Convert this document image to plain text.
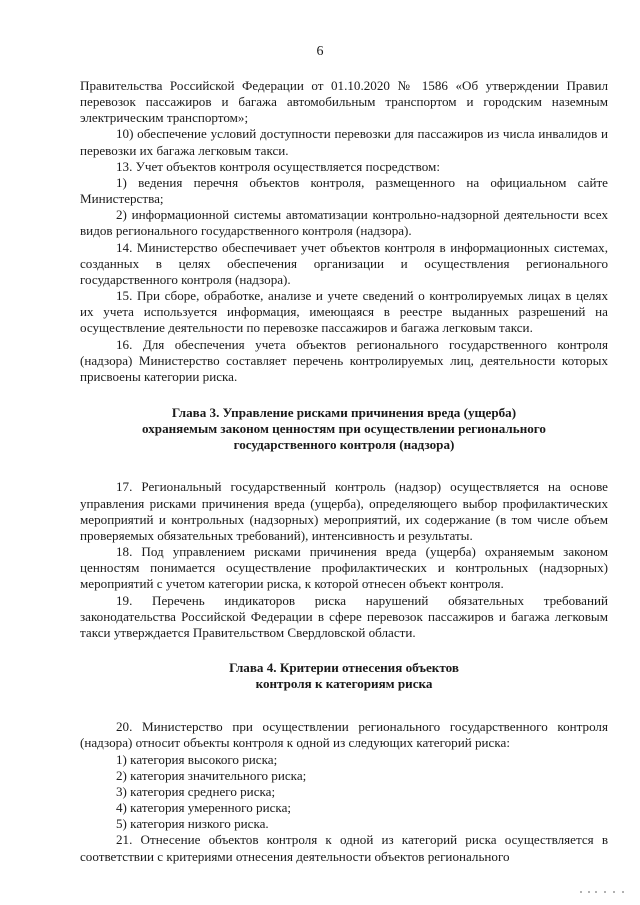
6

Правительства Российской Федерации от 01.10.2020 № 1586 «Об утверждении Правил перевозок пассажиров и багажа автомобильным транспортом и городским наземным электрическим транспортом»;

10) обеспечение условий доступности перевозки для пассажиров из числа инвалидов и перевозки их багажа легковым такси.

13. Учет объектов контроля осуществляется посредством:

1) ведения перечня объектов контроля, размещенного на официальном сайте Министерства;

2) информационной системы автоматизации контрольно-надзорной деятельности всех видов регионального государственного контроля (надзора).

14. Министерство обеспечивает учет объектов контроля в информационных системах, созданных в целях обеспечения организации и осуществления регионального государственного контроля (надзора).

15. При сборе, обработке, анализе и учете сведений о контролируемых лицах в целях их учета используется информация, имеющаяся в реестре выданных разрешений на осуществление деятельности по перевозке пассажиров и багажа легковым такси.

16. Для обеспечения учета объектов регионального государственного контроля (надзора) Министерство составляет перечень контролируемых лиц, деятельности которых присвоены категории риска.

Глава 3. Управление рисками причинения вреда (ущерба)
охраняемым законом ценностям при осуществлении регионального
государственного контроля (надзора)

17. Региональный государственный контроль (надзор) осуществляется на основе управления рисками причинения вреда (ущерба), определяющего выбор профилактических мероприятий и контрольных (надзорных) мероприятий, их содержание (в том числе объем проверяемых обязательных требований), интенсивность и результаты.

18. Под управлением рисками причинения вреда (ущерба) охраняемым законом ценностям понимается осуществление профилактических и контрольных (надзорных) мероприятий с учетом категории риска, к которой отнесен объект контроля.

19. Перечень индикаторов риска нарушений обязательных требований законодательства Российской Федерации в сфере перевозок пассажиров и багажа легковым такси утверждается Правительством Свердловской области.

Глава 4. Критерии отнесения объектов
контроля к категориям риска

20. Министерство при осуществлении регионального государственного контроля (надзора) относит объекты контроля к одной из следующих категорий риска:

1) категория высокого риска;

2) категория значительного риска;

3) категория среднего риска;

4) категория умеренного риска;

5) категория низкого риска.

21. Отнесение объектов контроля к одной из категорий риска осуществляется в соответствии с критериями отнесения деятельности объектов регионального
